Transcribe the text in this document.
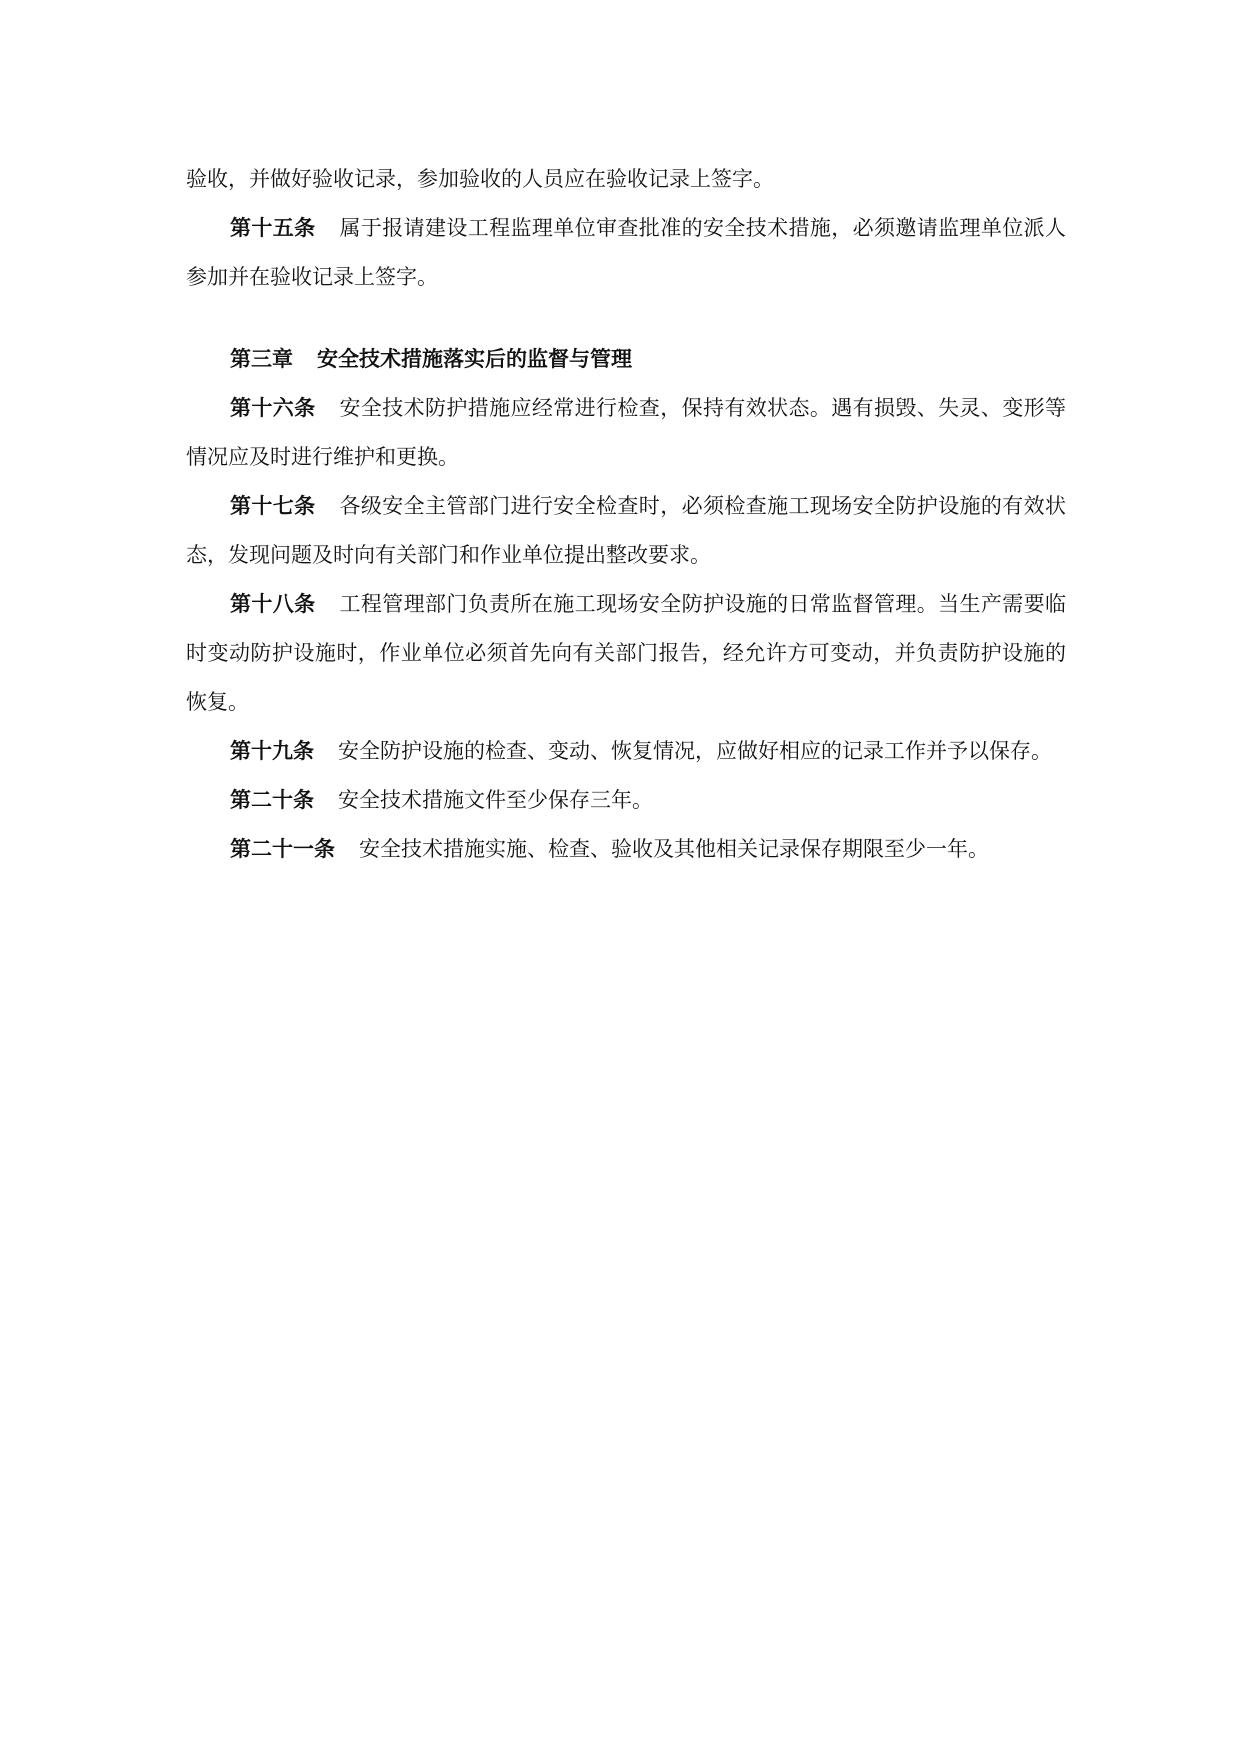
验收，并做好验收记录，参加验收的人员应在验收记录上签字。

第十五条 属于报请建设工程监理单位审查批准的安全技术措施，必须邀请监理单位派人参加并在验收记录上签字。

第三章 安全技术措施落实后的监督与管理

第十六条 安全技术防护措施应经常进行检查，保持有效状态。遇有损毁、失灵、变形等情况应及时进行维护和更换。

第十七条 各级安全主管部门进行安全检查时，必须检查施工现场安全防护设施的有效状态，发现问题及时向有关部门和作业单位提出整改要求。

第十八条 工程管理部门负责所在施工现场安全防护设施的日常监督管理。当生产需要临时变动防护设施时，作业单位必须首先向有关部门报告，经允许方可变动，并负责防护设施的恢复。

第十九条 安全防护设施的检查、变动、恢复情况，应做好相应的记录工作并予以保存。

第二十条 安全技术措施文件至少保存三年。

第二十一条 安全技术措施实施、检查、验收及其他相关记录保存期限至少一年。
